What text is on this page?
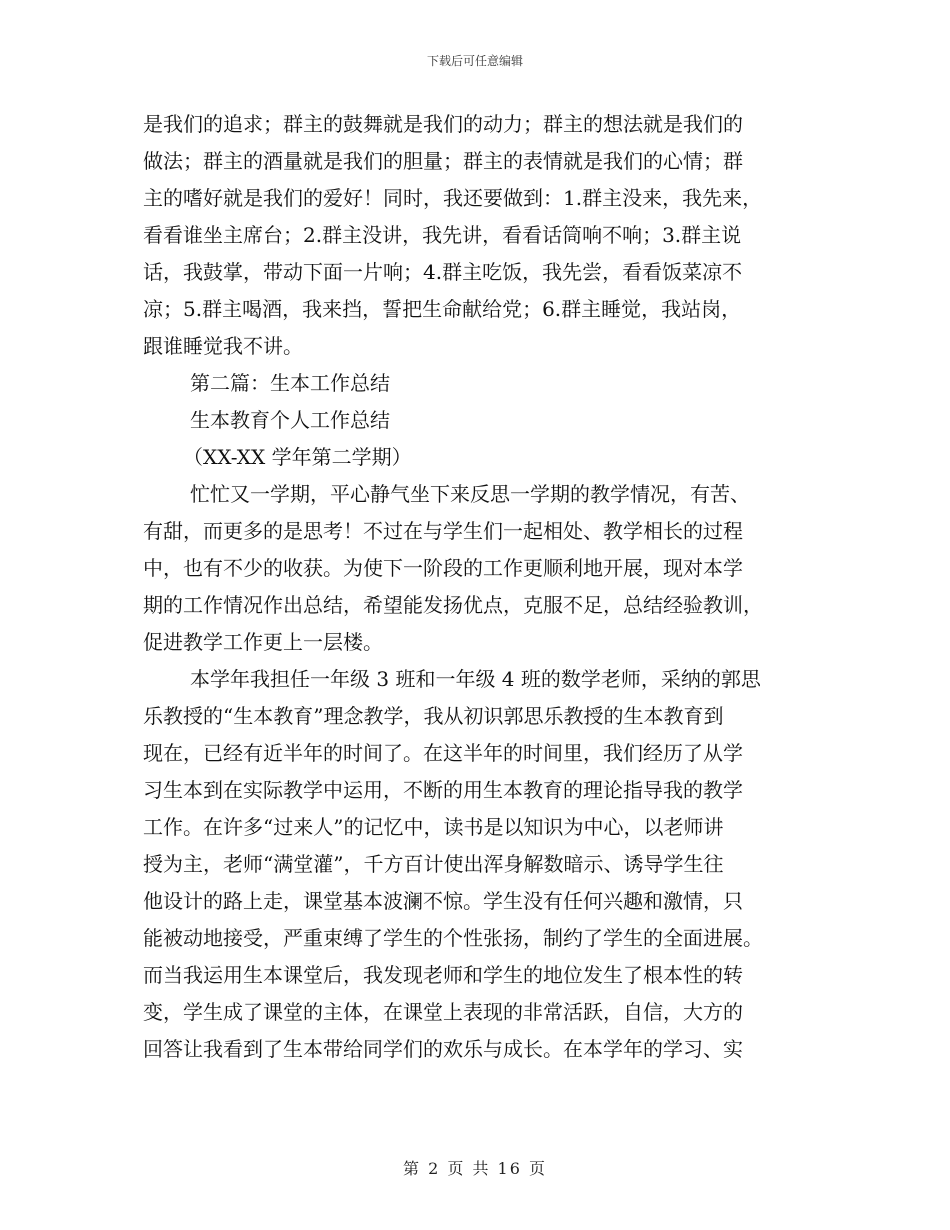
下载后可任意编辑
是我们的追求；群主的鼓舞就是我们的动力；群主的想法就是我们的
做法；群主的酒量就是我们的胆量；群主的表情就是我们的心情；群
主的嗜好就是我们的爱好！同时，我还要做到：1.群主没来，我先来，
看看谁坐主席台；2.群主没讲，我先讲，看看话筒响不响；3.群主说
话，我鼓掌，带动下面一片响；4.群主吃饭，我先尝，看看饭菜凉不
凉；5.群主喝酒，我来挡，誓把生命献给党；6.群主睡觉，我站岗，
跟谁睡觉我不讲。
第二篇：生本工作总结
生本教育个人工作总结
（XX-XX 学年第二学期）
忙忙又一学期，平心静气坐下来反思一学期的教学情况，有苦、
有甜，而更多的是思考！不过在与学生们一起相处、教学相长的过程
中，也有不少的收获。为使下一阶段的工作更顺利地开展，现对本学
期的工作情况作出总结，希望能发扬优点，克服不足，总结经验教训，
促进教学工作更上一层楼。
本学年我担任一年级 3 班和一年级 4 班的数学老师，采纳的郭思
乐教授的“生本教育”理念教学，我从初识郭思乐教授的生本教育到
现在，已经有近半年的时间了。在这半年的时间里，我们经历了从学
习生本到在实际教学中运用，不断的用生本教育的理论指导我的教学
工作。在许多“过来人”的记忆中，读书是以知识为中心，以老师讲
授为主，老师“满堂灌”，千方百计使出浑身解数暗示、诱导学生往
他设计的路上走，课堂基本波澜不惊。学生没有任何兴趣和激情，只
能被动地接受，严重束缚了学生的个性张扬，制约了学生的全面进展。
而当我运用生本课堂后，我发现老师和学生的地位发生了根本性的转
变，学生成了课堂的主体，在课堂上表现的非常活跃，自信，大方的
回答让我看到了生本带给同学们的欢乐与成长。在本学年的学习、实
第 2 页 共 16 页
